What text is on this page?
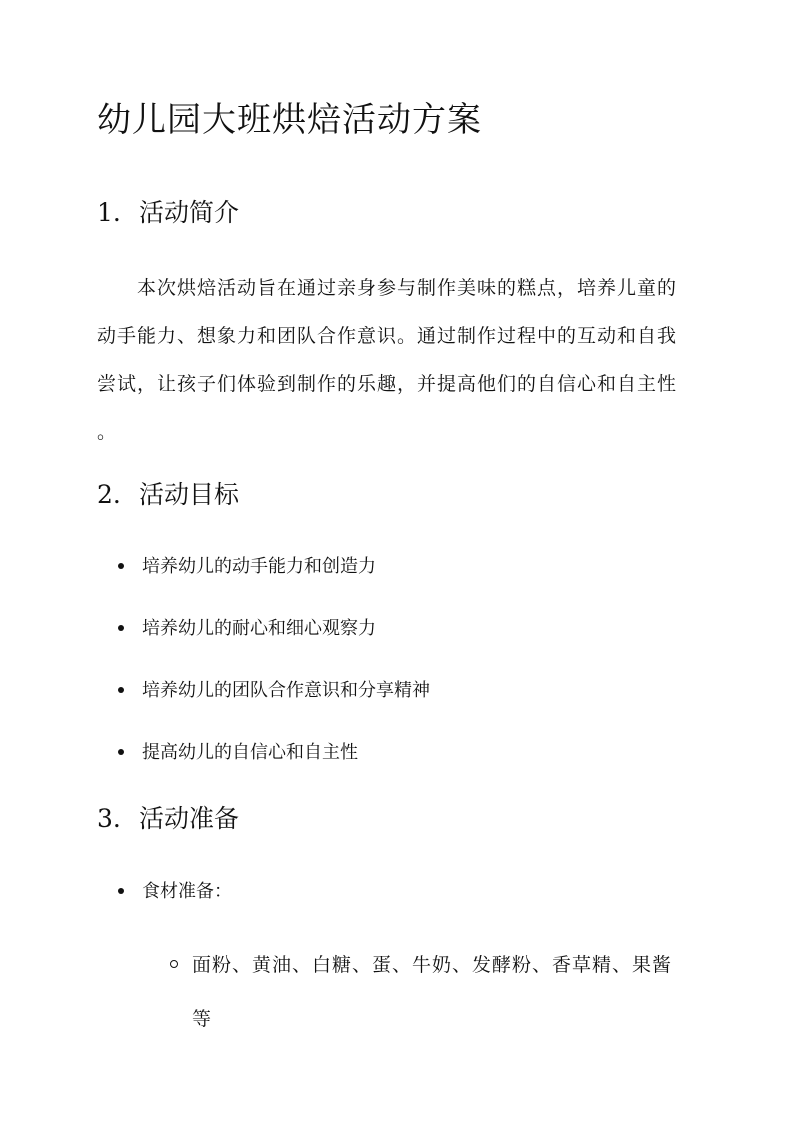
幼儿园大班烘焙活动方案
1. 活动简介
　　本次烘焙活动旨在通过亲身参与制作美味的糕点，培养儿童的
动手能力、想象力和团队合作意识。通过制作过程中的互动和自我
尝试，让孩子们体验到制作的乐趣，并提高他们的自信心和自主性
。
2. 活动目标
培养幼儿的动手能力和创造力
培养幼儿的耐心和细心观察力
培养幼儿的团队合作意识和分享精神
提高幼儿的自信心和自主性
3. 活动准备
食材准备：
面粉、黄油、白糖、蛋、牛奶、发酵粉、香草精、果酱
等
